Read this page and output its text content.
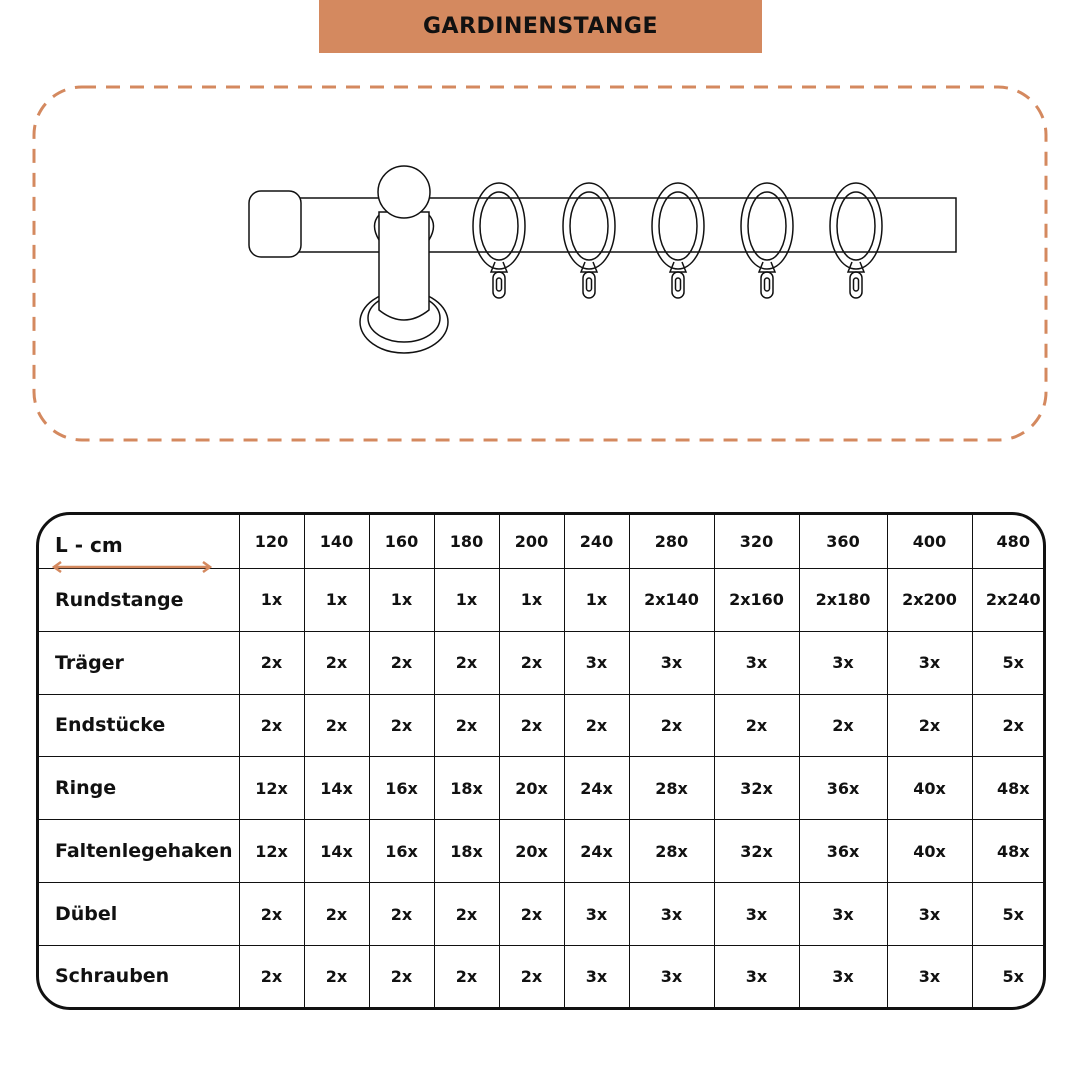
GARDINENSTANGE
L - cm	120	140	160	180	200	240	280	320	360	400	480
Rundstange	1x	1x	1x	1x	1x	1x	2x140	2x160	2x180	2x200	2x240
Träger	2x	2x	2x	2x	2x	3x	3x	3x	3x	3x	5x
Endstücke	2x	2x	2x	2x	2x	2x	2x	2x	2x	2x	2x
Ringe	12x	14x	16x	18x	20x	24x	28x	32x	36x	40x	48x
Faltenlegehaken	12x	14x	16x	18x	20x	24x	28x	32x	36x	40x	48x
Dübel	2x	2x	2x	2x	2x	3x	3x	3x	3x	3x	5x
Schrauben	2x	2x	2x	2x	2x	3x	3x	3x	3x	3x	5x
